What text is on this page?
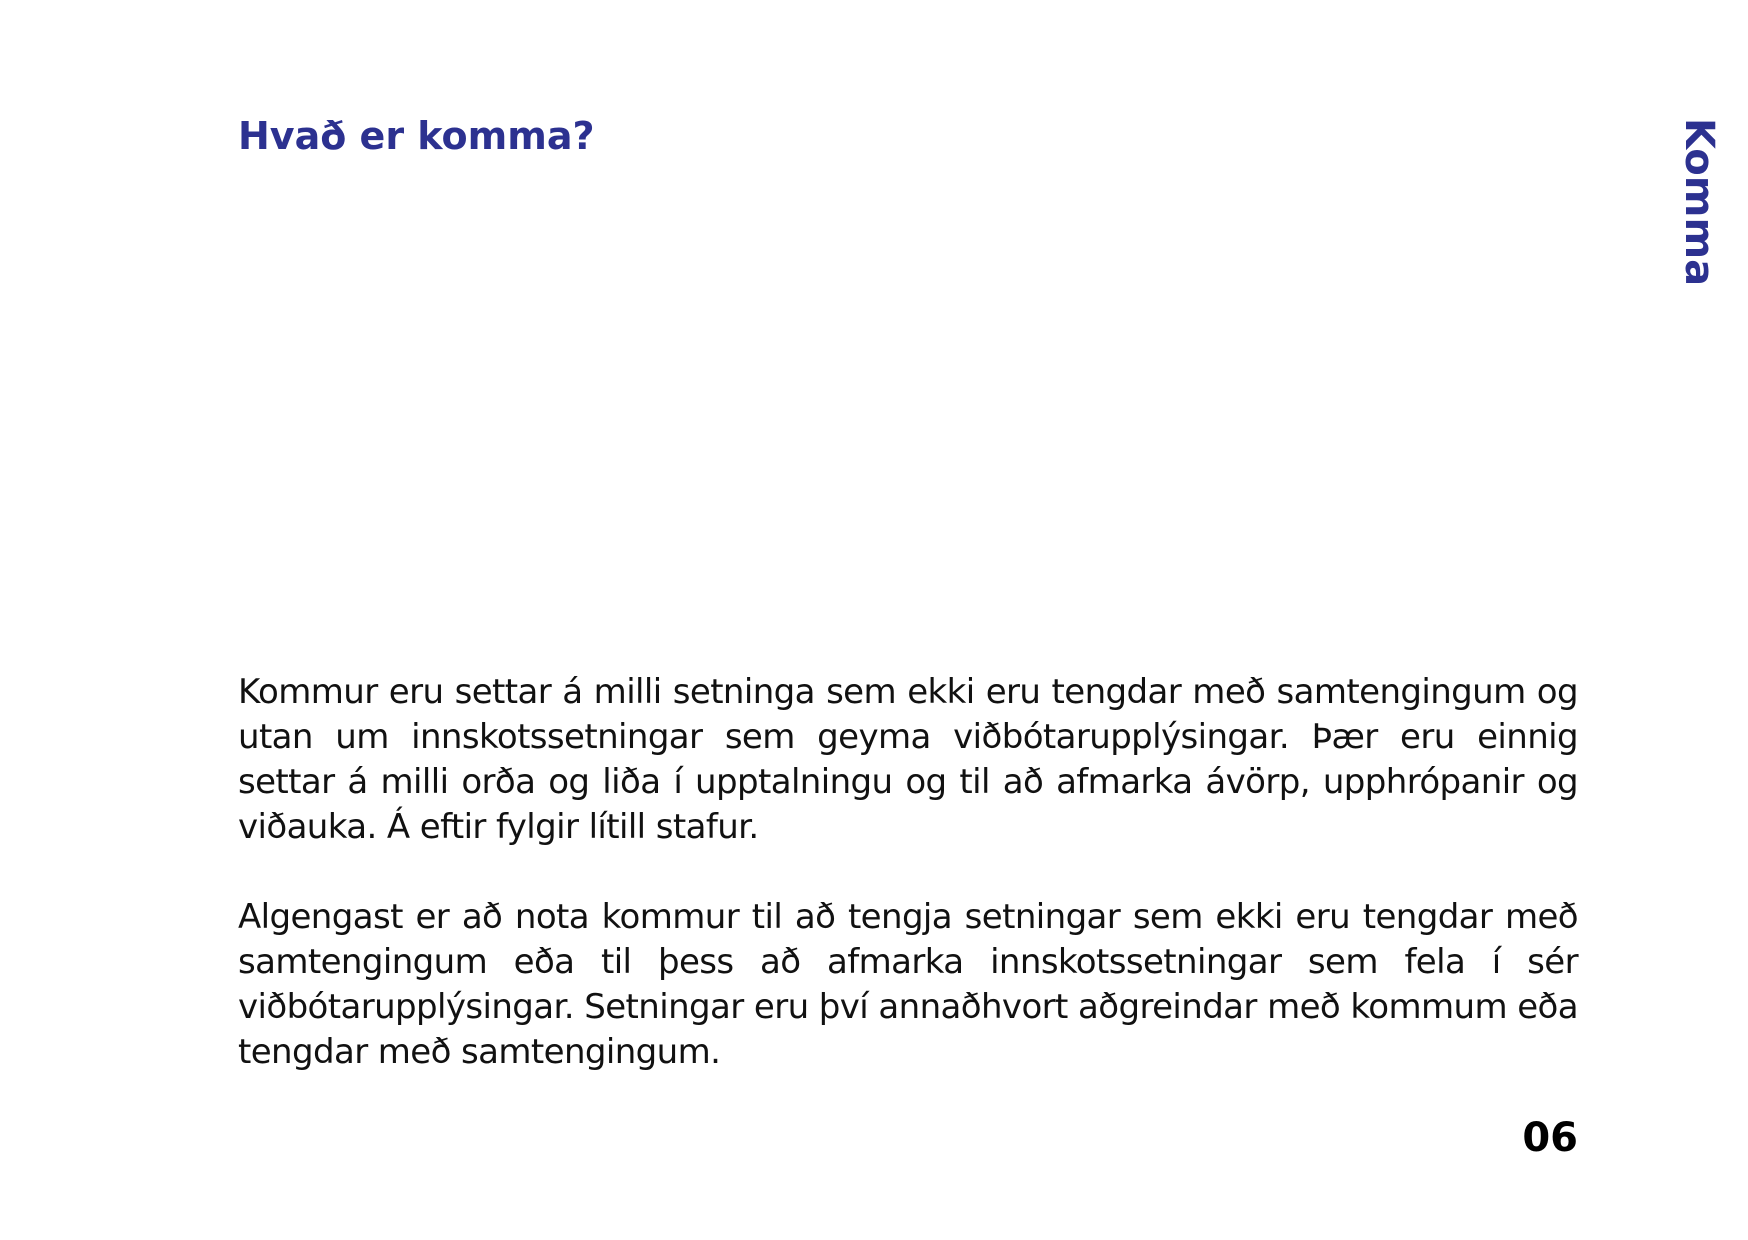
Hvað er komma?	Komma

Kommur eru settar á milli setninga sem ekki eru tengdar með samtengingum og utan um innskotssetningar sem geyma viðbótarupplýsingar. Þær eru einnig settar á milli orða og liða í upptalningu og til að afmarka ávörp, upphrópanir og viðauka. Á eftir fylgir lítill stafur.

Algengast er að nota kommur til að tengja setningar sem ekki eru tengdar með samtengingum eða til þess að afmarka innskotssetningar sem fela í sér viðbótarupplýsingar. Setningar eru því annaðhvort aðgreindar með kommum eða tengdar með samtengingum.

06
